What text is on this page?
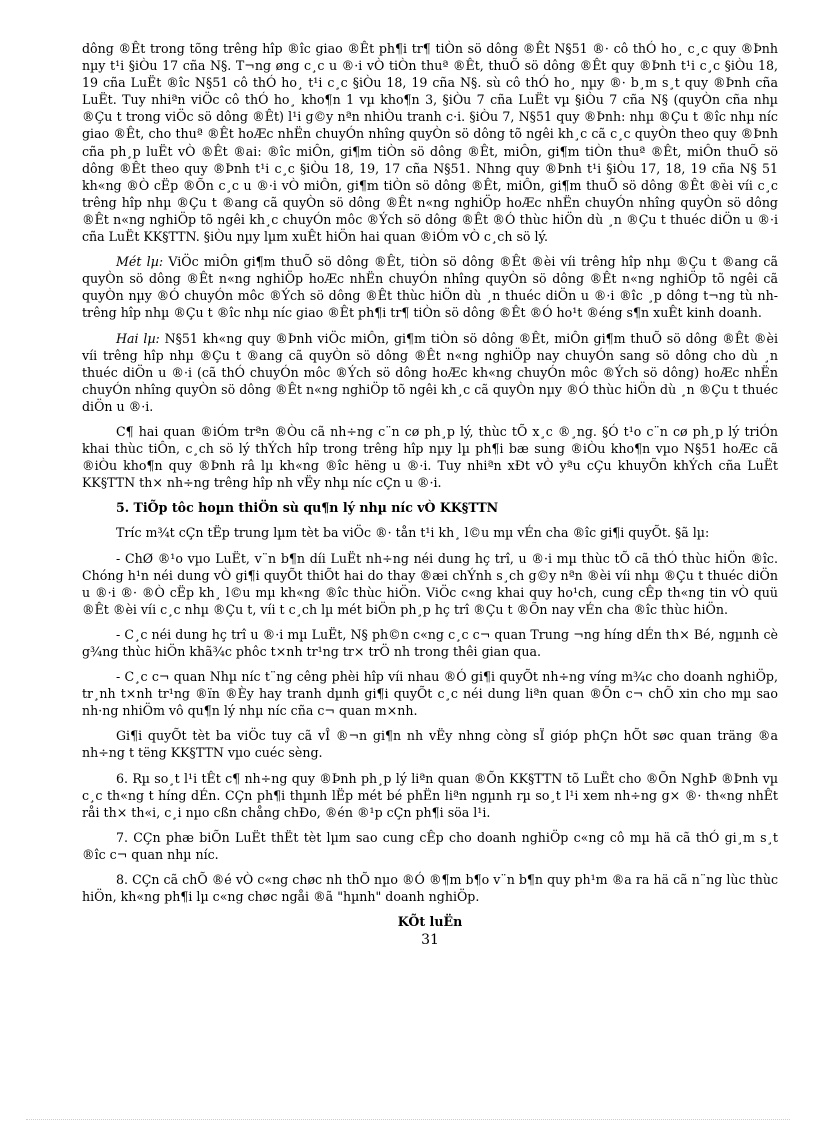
dông ®Êt trong tõng trêng hîp ®îc giao ®Êt ph¶i tr¶ tiÒn sö dông ®Êt N§51 ®· cô thÓ ho¸ c¸c quy ®Þnh nµy t¹i §iÒu 17 cña N§. T¬ng øng c¸c u ®·i vÒ tiÒn thuª ®Êt, thuÕ sö dông ®Êt quy ®Þnh t¹i c¸c §iÒu 18, 19 cña LuËt ®îc N§51 cô thÓ ho¸ t¹i c¸c §iÒu 18, 19 cña N§. sù cô thÓ ho¸ nµy ®· b¸m s¸t quy ®Þnh cña LuËt. Tuy nhiªn viÖc cô thÓ ho¸ kho¶n 1 vµ kho¶n 3, §iÒu 7 cña LuËt vµ §iÒu 7 cña N§ (quyÒn cña nhµ ®Çu t trong viÖc sö dông ®Êt) l¹i g©y nªn nhiÒu tranh c·i. §iÒu 7, N§51 quy ®Þnh: nhµ ®Çu t ®îc nhµ níc giao ®Êt, cho thuª ®Êt hoÆc nhËn chuyÓn nhîng quyÒn sö dông tõ ngêi kh¸c cã c¸c quyÒn theo quy ®Þnh cña ph¸p luËt vÒ ®Êt ®ai: ®îc miÔn, gi¶m tiÒn sö dông ®Êt, miÔn, gi¶m tiÒn thuª ®Êt, miÔn thuÕ sö dông ®Êt theo quy ®Þnh t¹i c¸c §iÒu 18, 19, 17 cña N§51. Nhng quy ®Þnh t¹i §iÒu 17, 18, 19 cña N§ 51 kh«ng ®Ò cËp ®Õn c¸c u ®·i vÒ miÔn, gi¶m tiÒn sö dông ®Êt, miÔn, gi¶m thuÕ sö dông ®Êt ®èi víi c¸c trêng hîp nhµ ®Çu t ®ang cã quyÒn sö dông ®Êt n«ng nghiÖp hoÆc nhËn chuyÓn nhîng quyÒn sö dông ®Êt n«ng nghiÖp tõ ngêi kh¸c chuyÓn môc ®Ých sö dông ®Êt ®Ó thùc hiÖn dù ¸n ®Çu t thuéc diÖn u ®·i cña LuËt KK§TTN. §iÒu nµy lµm xuÊt hiÖn hai quan ®iÓm vÒ c¸ch sö lý.

Mét lµ: ViÖc miÔn gi¶m thuÕ sö dông ®Êt, tiÒn sö dông ®Êt ®èi víi trêng hîp nhµ ®Çu t ®ang cã quyÒn sö dông ®Êt n«ng nghiÖp hoÆc nhËn chuyÓn nhîng quyÒn sö dông ®Êt n«ng nghiÖp tõ ngêi cã quyÒn nµy ®Ó chuyÓn môc ®Ých sö dông ®Êt thùc hiÖn dù ¸n thuéc diÖn u ®·i ®îc ¸p dông t¬ng tù nh trêng hîp nhµ ®Çu t ®îc nhµ níc giao ®Êt ph¶i tr¶ tiÒn sö dông ®Êt ®Ó ho¹t ®éng s¶n xuÊt kinh doanh.

Hai lµ: N§51 kh«ng quy ®Þnh viÖc miÔn, gi¶m tiÒn sö dông ®Êt, miÔn gi¶m thuÕ sö dông ®Êt ®èi víi trêng hîp nhµ ®Çu t ®ang cã quyÒn sö dông ®Êt n«ng nghiÖp nay chuyÓn sang sö dông cho dù ¸n thuéc diÖn u ®·i (cã thÓ chuyÓn môc ®Ých sö dông hoÆc kh«ng chuyÓn môc ®Ých sö dông) hoÆc nhËn chuyÓn nhîng quyÒn sö dông ®Êt n«ng nghiÖp tõ ngêi kh¸c cã quyÒn nµy ®Ó thùc hiÖn dù ¸n ®Çu t thuéc diÖn u ®·i.

C¶ hai quan ®iÓm trªn ®Òu cã nh÷ng c¨n cø ph¸p lý, thùc tÕ x¸c ®¸ng. §Ó t¹o c¨n cø ph¸p lý triÓn khai thùc tiÔn, c¸ch sö lý thÝch hîp trong trêng hîp nµy lµ ph¶i bæ sung ®iÒu kho¶n vµo N§51 hoÆc cã ®iÒu kho¶n quy ®Þnh râ lµ kh«ng ®îc hëng u ®·i. Tuy nhiªn xÐt vÒ yªu cÇu khuyÕn khÝch cña LuËt KK§TTN th× nh÷ng trêng hîp nh vËy nhµ níc cÇn u ®·i.

5. TiÕp tôc hoµn thiÖn sù qu¶n lý nhµ níc vÒ KK§TTN

Tríc m¾t cÇn tËp trung lµm tèt ba viÖc ®· tån t¹i kh¸ l©u mµ vÉn cha ®îc gi¶i quyÕt. §ã lµ:

- ChØ ®¹o vµo LuËt, v¨n b¶n díi LuËt nh÷ng néi dung hç trî, u ®·i mµ thùc tÕ cã thÓ thùc hiÖn ®îc. Chóng h¹n néi dung vÒ gi¶i quyÕt thiÕt hai do thay ®æi chÝnh s¸ch g©y nªn ®èi víi nhµ ®Çu t thuéc diÖn u ®·i ®· ®Ò cËp kh¸ l©u mµ kh«ng ®îc thùc hiÖn. ViÖc c«ng khai quy ho¹ch, cung cÊp th«ng tin vÒ quü ®Êt ®èi víi c¸c nhµ ®Çu t, víi t c¸ch lµ mét biÖn ph¸p hç trî ®Çu t ®Õn nay vÉn cha ®îc thùc hiÖn.

- C¸c néi dung hç trî u ®·i mµ LuËt, N§ ph©n c«ng c¸c c¬ quan Trung ¬ng híng dÉn th× Bé, ngµnh cè g¾ng thùc hiÖn khã¾c phôc t×nh tr¹ng tr× trÖ nh trong thêi gian qua.

- C¸c c¬ quan Nhµ níc t¨ng cêng phèi hîp víi nhau ®Ó gi¶i quyÕt nh÷ng víng m¾c cho doanh nghiÖp, tr¸nh t×nh tr¹ng ®ïn ®Èy hay tranh dµnh gi¶i quyÕt c¸c néi dung liªn quan ®Õn c¬ chÕ xin cho mµ sao nh·ng nhiÖm vô qu¶n lý nhµ níc cña c¬ quan m×nh.

Gi¶i quyÕt tèt ba viÖc tuy cã vÎ ®¬n gi¶n nh vËy nhng còng sÏ gióp phÇn hÕt søc quan träng ®a nh÷ng t tëng KK§TTN vµo cuéc sèng.

6. Rµ so¸t l¹i tÊt c¶ nh÷ng quy ®Þnh ph¸p lý liªn quan ®Õn KK§TTN tõ LuËt cho ®Õn NghÞ ®Þnh vµ c¸c th«ng t híng dÉn. CÇn ph¶i thµnh lËp mét bé phËn liªn ngµnh rµ so¸t l¹i xem nh÷ng g× ®· th«ng nhÊt råi th× th«i, c¸i nµo cßn chång chÐo, ®én ®¹p cÇn ph¶i söa l¹i.

7. CÇn phæ biÕn LuËt thËt tèt lµm sao cung cÊp cho doanh nghiÖp c«ng cô mµ hä cã thÓ gi¸m s¸t ®îc c¬ quan nhµ níc.

8. CÇn cã chÕ ®é vÒ c«ng chøc nh thÕ nµo ®Ó ®¶m b¶o v¨n b¶n quy ph¹m ®a ra hä cã n¨ng lùc thùc hiÖn, kh«ng ph¶i lµ c«ng chøc ngåi ®ã "hµnh" doanh nghiÖp.

KÕt luËn
31
